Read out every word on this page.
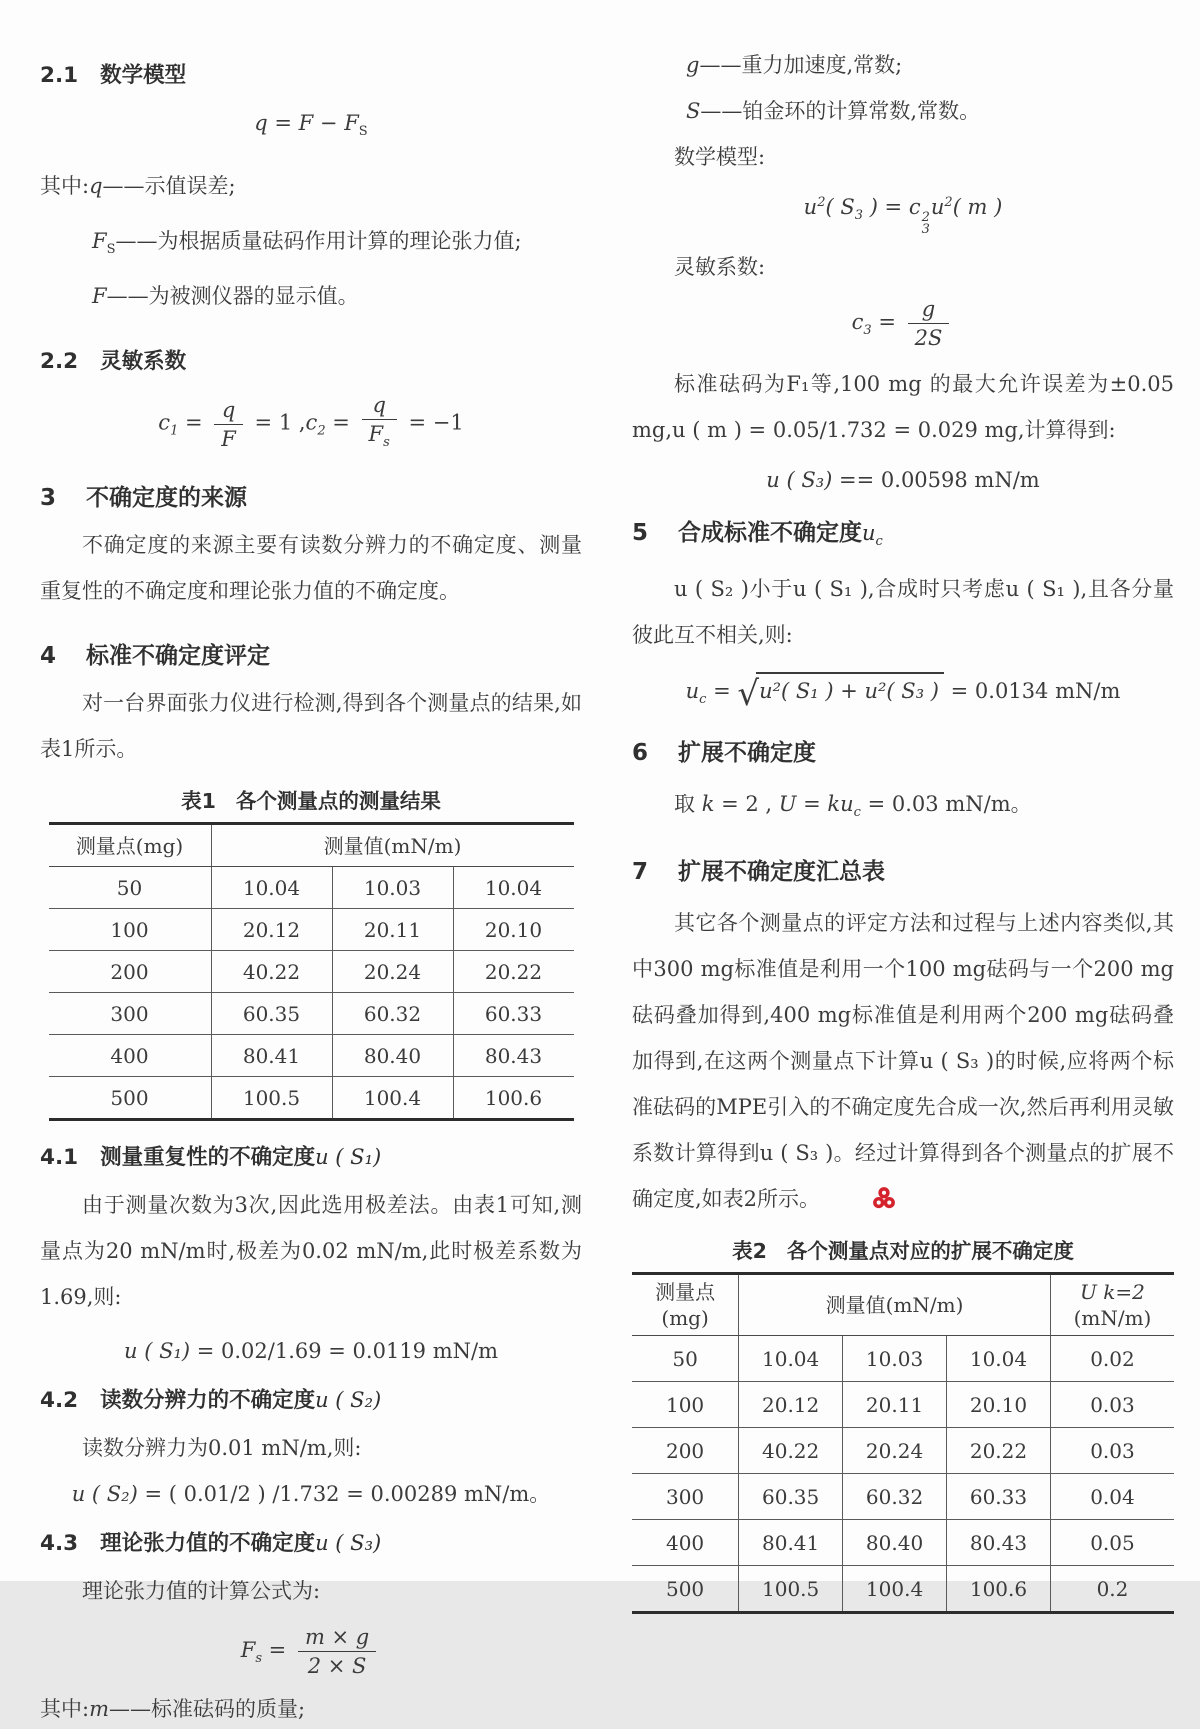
2.1 数学模型
$q = F - F_S$

其中:q——示值误差;

$F_S——$为根据质量砝码作用计算的理论张力值;

F——为被测仪器的显示值。

2.2 灵敏系数
$c_1 = \frac{q}{F} = 1$ $,c_2 = \frac{q}{F_s} = -1$
3 不确定度的来源

不确定度的来源主要有读数分辨力的不确定度、测量重复性的不确定度和理论张力值的不确定度。

4 标准不确定度评定

对一台界面张力仪进行检测,得到各个测量点的结果,如表1所示。

表1 各个测量点的测量结果
测量点(mg)	测量值(mN/m)		
50	10.04	10.03	10.04
100	20.12	20.11	20.10
200	40.22	20.24	20.22
300	60.35	60.32	60.33
400	80.41	80.40	80.43
500	100.5	100.4	100.6
4.1 测量重复性的不确定度u ( S₁)

由于测量次数为3次,因此选用极差法。由表1可知,测量点为20 mN/m时,极差为0.02 mN/m,此时极差系数为1.69,则:

u ( S₁) = 0.02/1.69 = 0.0119 mN/m
4.2 读数分辨力的不确定度u ( S₂)

读数分辨力为0.01 mN/m,则:

u ( S₂) = ( 0.01/2 ) /1.732 = 0.00289 mN/m。
4.3 理论张力值的不确定度u ( S₃)

理论张力值的计算公式为:

$F_s = \frac{m \times g}{2 \times S}$

其中:m——标准砝码的质量;

g——重力加速度,常数;

S——铂金环的计算常数,常数。

数学模型:

$u^2$( $S_3$ ) = c 2
3
$u^2$( m )

灵敏系数:

$c_3 = \frac{g}{2S}$

标准砝码为F₁等,100 mg 的最大允许误差为±0.05 mg,u ( m ) = 0.05/1.732 = 0.029 mg,计算得到:

u ( S₃) == 0.00598 mN/m
5 合成标准不确定度$u_c$

u ( S₂ )小于u ( S₁ ),合成时只考虑u ( S₁ ),且各分量彼此互不相关,则:

$u_c = √u^2$( S₁ ) + u²( S₃ ) = 0.0134 mN/m
6 扩展不确定度

取 k = 2 , $U = ku_c = 0.03$ mN/m。

7 扩展不确定度汇总表

其它各个测量点的评定方法和过程与上述内容类似,其中300 mg标准值是利用一个100 mg砝码与一个200 mg砝码叠加得到,400 mg标准值是利用两个200 mg砝码叠加得到,在这两个测量点下计算u ( S₃ )的时候,应将两个标准砝码的MPE引入的不确定度先合成一次,然后再利用灵敏系数计算得到u ( S₃ )。经过计算得到各个测量点的扩展不确定度,如表2所示。

表2 各个测量点对应的扩展不确定度
测量点
(mg)	测量值(mN/m)			U k=2
(mN/m)
50	10.04	10.03	10.04	0.02
100	20.12	20.11	20.10	0.03
200	40.22	20.24	20.22	0.03
300	60.35	60.32	60.33	0.04
400	80.41	80.40	80.43	0.05
500	100.5	100.4	100.6	0.2
